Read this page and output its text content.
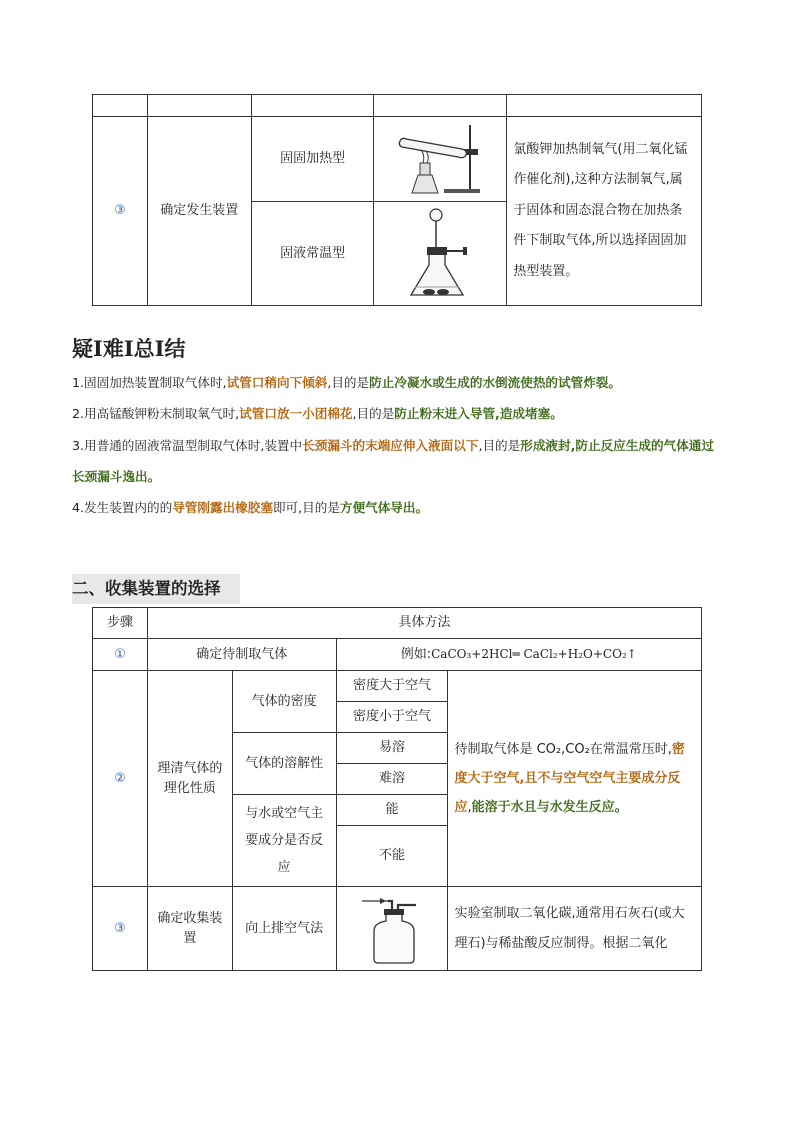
③	确定发生装置	固固加热型		氯酸钾加热制氧气(用二氧化锰作催化剂),这种方法制氧气,属于固体和固态混合物在加热条件下制取气体,所以选择固固加热型装置。
		固液常温型	
疑Ⅰ难Ⅰ总Ⅰ结

1.固固加热装置制取气体时,试管口稍向下倾斜,目的是防止冷凝水或生成的水倒流使热的试管炸裂。

2.用高锰酸钾粉末制取氧气时,试管口放一小团棉花,目的是防止粉末进入导管,造成堵塞。

3.用普通的固液常温型制取气体时,装置中长颈漏斗的末端应伸入液面以下,目的是形成液封,防止反应生成的气体通过长颈漏斗逸出。

4.发生装置内的的导管刚露出橡胶塞即可,目的是方便气体导出。

二、收集装置的选择
步骤	具体方法			
①	确定待制取气体		例如:CaCO₃+2HCl═ CaCl₂+H₂O+CO₂↑	
②	理清气体的理化性质	气体的密度	密度大于空气	待制取气体是 CO₂,CO₂在常温常压时,密度大于空气,且不与空气空气主要成分反应,能溶于水且与水发生反应。
			密度小于空气	
		气体的溶解性	易溶	
			难溶	
		与水或空气主要成分是否反应	能	
			不能	

③	确定收集装置	向上排空气法		实验室制取二氧化碳,通常用石灰石(或大理石)与稀盐酸反应制得。根据二氧化
